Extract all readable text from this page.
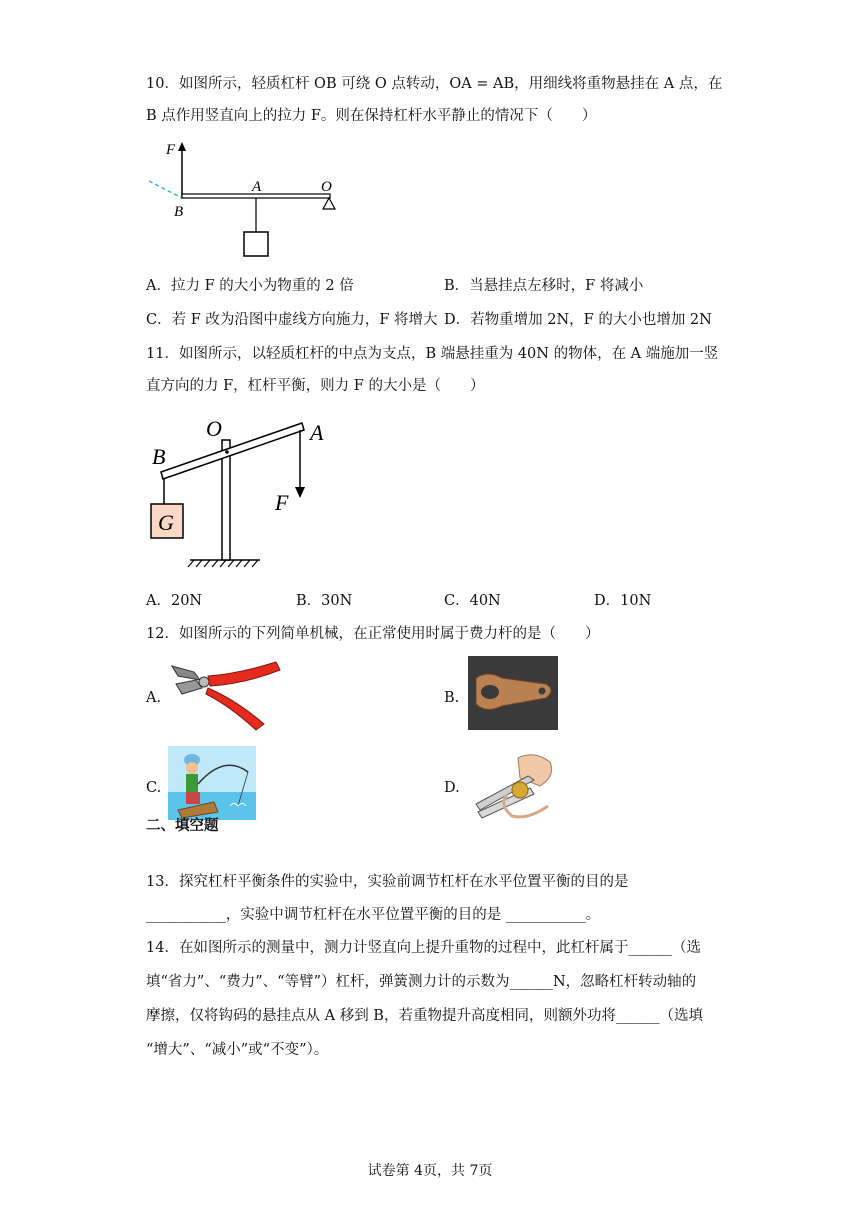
10．如图所示，轻质杠杆 OB 可绕 O 点转动，OA = AB，用细线将重物悬挂在 A 点，在
B 点作用竖直向上的拉力 F。则在保持杠杆水平静止的情况下（　　）
F
A	O
B
A．拉力 F 的大小为物重的 2 倍	B．当悬挂点左移时，F 将减小
C．若 F 改为沿图中虚线方向施力，F 将增大 D．若物重增加 2N，F 的大小也增加 2N
11．如图所示，以轻质杠杆的中点为支点，B 端悬挂重为 40N 的物体，在 A 端施加一竖
直方向的力 F，杠杆平衡，则力 F 的大小是（　　）
O	A
B
F
G
A．20N	B．30N	C．40N	D．10N
12．如图所示的下列简单机械，在正常使用时属于费力杆的是（　　）
A.	B.
C.	D.
二、填空题
13．探究杠杆平衡条件的实验中，实验前调节杠杆在水平位置平衡的目的是
___________，实验中调节杠杆在水平位置平衡的目的是 ___________。
14．在如图所示的测量中，测力计竖直向上提升重物的过程中，此杠杆属于______（选
填“省力”、“费力”、“等臂”）杠杆，弹簧测力计的示数为______N，忽略杠杆转动轴的
摩擦，仅将钩码的悬挂点从 A 移到 B，若重物提升高度相同，则额外功将______（选填
“增大”、“减小”或“不变”）。
试卷第 4页，共 7页
